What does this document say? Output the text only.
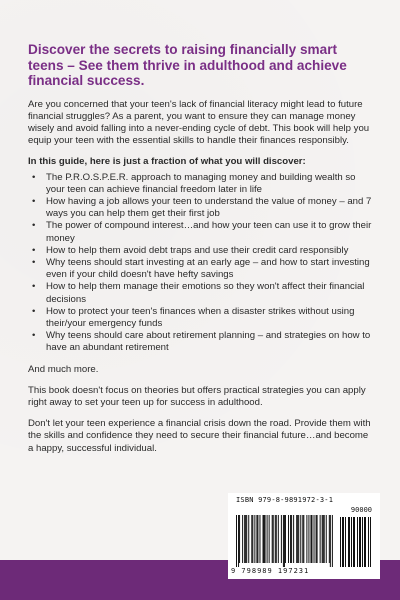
Discover the secrets to raising financially smart teens – See them thrive in adulthood and achieve financial success.

Are you concerned that your teen's lack of financial literacy might lead to future financial struggles? As a parent, you want to ensure they can manage money wisely and avoid falling into a never-ending cycle of debt. This book will help you equip your teen with the essential skills to handle their finances responsibly.

In this guide, here is just a fraction of what you will discover:

• The P.R.O.S.P.E.R. approach to managing money and building wealth so your teen can achieve financial freedom later in life
• How having a job allows your teen to understand the value of money – and 7 ways you can help them get their first job
• The power of compound interest…and how your teen can use it to grow their money
• How to help them avoid debt traps and use their credit card responsibly
• Why teens should start investing at an early age – and how to start investing even if your child doesn't have hefty savings
• How to help them manage their emotions so they won't affect their financial decisions
• How to protect your teen's finances when a disaster strikes without using their/your emergency funds
• Why teens should care about retirement planning – and strategies on how to have an abundant retirement

And much more.

This book doesn't focus on theories but offers practical strategies you can apply right away to set your teen up for success in adulthood.

Don't let your teen experience a financial crisis down the road. Provide them with the skills and confidence they need to secure their financial future…and become a happy, successful individual.

ISBN 979-8-9891972-3-1
90000
9 798989 197231
